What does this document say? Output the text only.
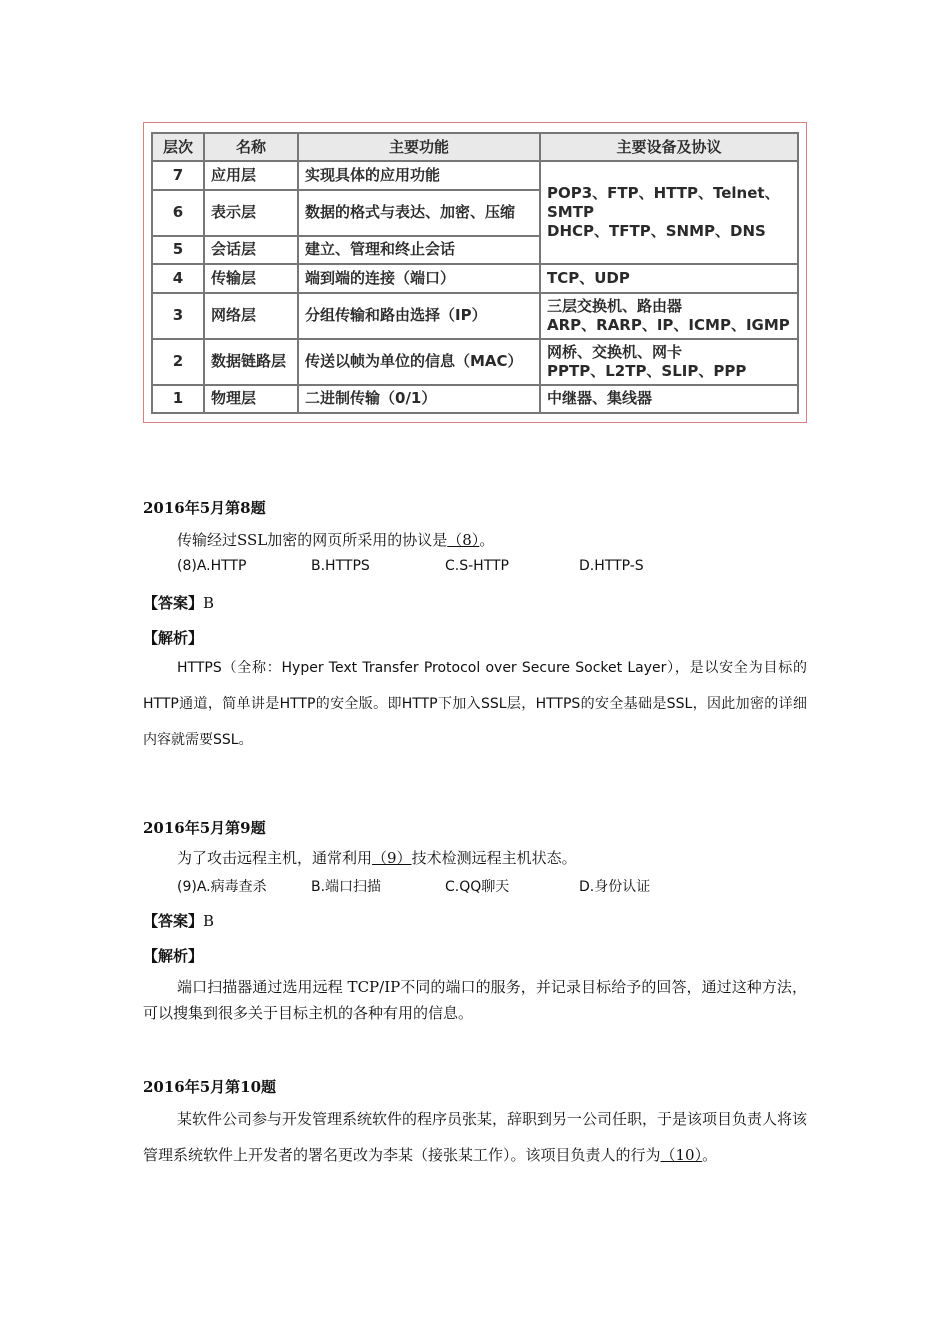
层次	名称	主要功能	主要设备及协议
7	应用层	实现具体的应用功能	POP3、FTP、HTTP、Telnet、SMTP
DHCP、TFTP、SNMP、DNS
6	表示层	数据的格式与表达、加密、压缩	
5	会话层	建立、管理和终止会话	
4	传输层	端到端的连接（端口）	TCP、UDP
3	网络层	分组传输和路由选择（IP）	三层交换机、路由器
ARP、RARP、IP、ICMP、IGMP
2	数据链路层	传送以帧为单位的信息（MAC）	网桥、交换机、网卡
PPTP、L2TP、SLIP、PPP
1	物理层	二进制传输（0/1）	中继器、集线器
2016年5月第8题
传输经过SSL加密的网页所采用的协议是（8）。
(8)A.HTTP	B.HTTPS	C.S-HTTP	D.HTTP-S
【答案】B
【解析】
HTTPS（全称：Hyper Text Transfer Protocol over Secure Socket Layer），是以安全为目标的HTTP通道，简单讲是HTTP的安全版。即HTTP下加入SSL层，HTTPS的安全基础是SSL，因此加密的详细内容就需要SSL。
2016年5月第9题
为了攻击远程主机，通常利用（9）技术检测远程主机状态。
(9)A.病毒查杀	B.端口扫描	C.QQ聊天	D.身份认证
【答案】B
【解析】
端口扫描器通过选用远程 TCP/IP不同的端口的服务，并记录目标给予的回答，通过这种方法，可以搜集到很多关于目标主机的各种有用的信息。
2016年5月第10题
某软件公司参与开发管理系统软件的程序员张某，辞职到另一公司任职，于是该项目负责人将该管理系统软件上开发者的署名更改为李某（接张某工作）。该项目负责人的行为（10）。
